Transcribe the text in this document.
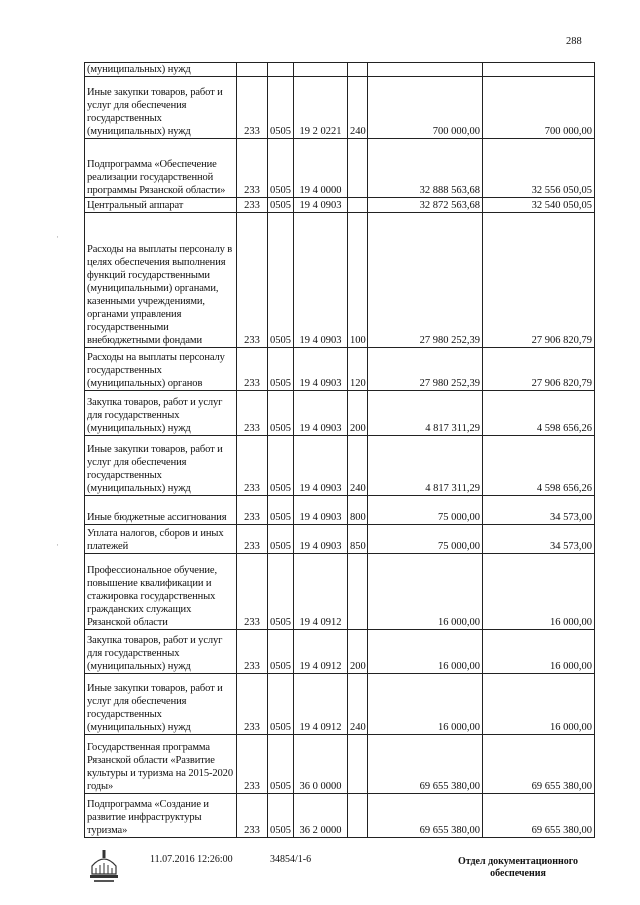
288
(муниципальных) нужд						
Иные закупки товаров, работ и услуг для обеспечения государственных (муниципальных) нужд	233	0505	19 2 0221	240	700 000,00	700 000,00
Подпрограмма «Обеспечение реализации государственной программы Рязанской области»	233	0505	19 4 0000		32 888 563,68	32 556 050,05
Центральный аппарат	233	0505	19 4 0903		32 872 563,68	32 540 050,05
Расходы на выплаты персоналу в целях обеспечения выполнения функций государственными (муниципальными) органами, казенными учреждениями, органами управления государственными внебюджетными фондами	233	0505	19 4 0903	100	27 980 252,39	27 906 820,79
Расходы на выплаты персоналу государственных (муниципальных) органов	233	0505	19 4 0903	120	27 980 252,39	27 906 820,79
Закупка товаров, работ и услуг для государственных (муниципальных) нужд	233	0505	19 4 0903	200	4 817 311,29	4 598 656,26
Иные закупки товаров, работ и услуг для обеспечения государственных (муниципальных) нужд	233	0505	19 4 0903	240	4 817 311,29	4 598 656,26
Иные бюджетные ассигнования	233	0505	19 4 0903	800	75 000,00	34 573,00
Уплата налогов, сборов и иных платежей	233	0505	19 4 0903	850	75 000,00	34 573,00
Профессиональное обучение, повышение квалификации и стажировка государственных гражданских служащих Рязанской области	233	0505	19 4 0912		16 000,00	16 000,00
Закупка товаров, работ и услуг для государственных (муниципальных) нужд	233	0505	19 4 0912	200	16 000,00	16 000,00
Иные закупки товаров, работ и услуг для обеспечения государственных (муниципальных) нужд	233	0505	19 4 0912	240	16 000,00	16 000,00
Государственная программа Рязанской области «Развитие культуры и туризма на 2015-2020 годы»	233	0505	36 0 0000		69 655 380,00	69 655 380,00
Подпрограмма «Создание и развитие инфраструктуры туризма»	233	0505	36 2 0000		69 655 380,00	69 655 380,00
·
·
11.07.2016 12:26:00	34854/1-6	Отдел документационного обеспечения
